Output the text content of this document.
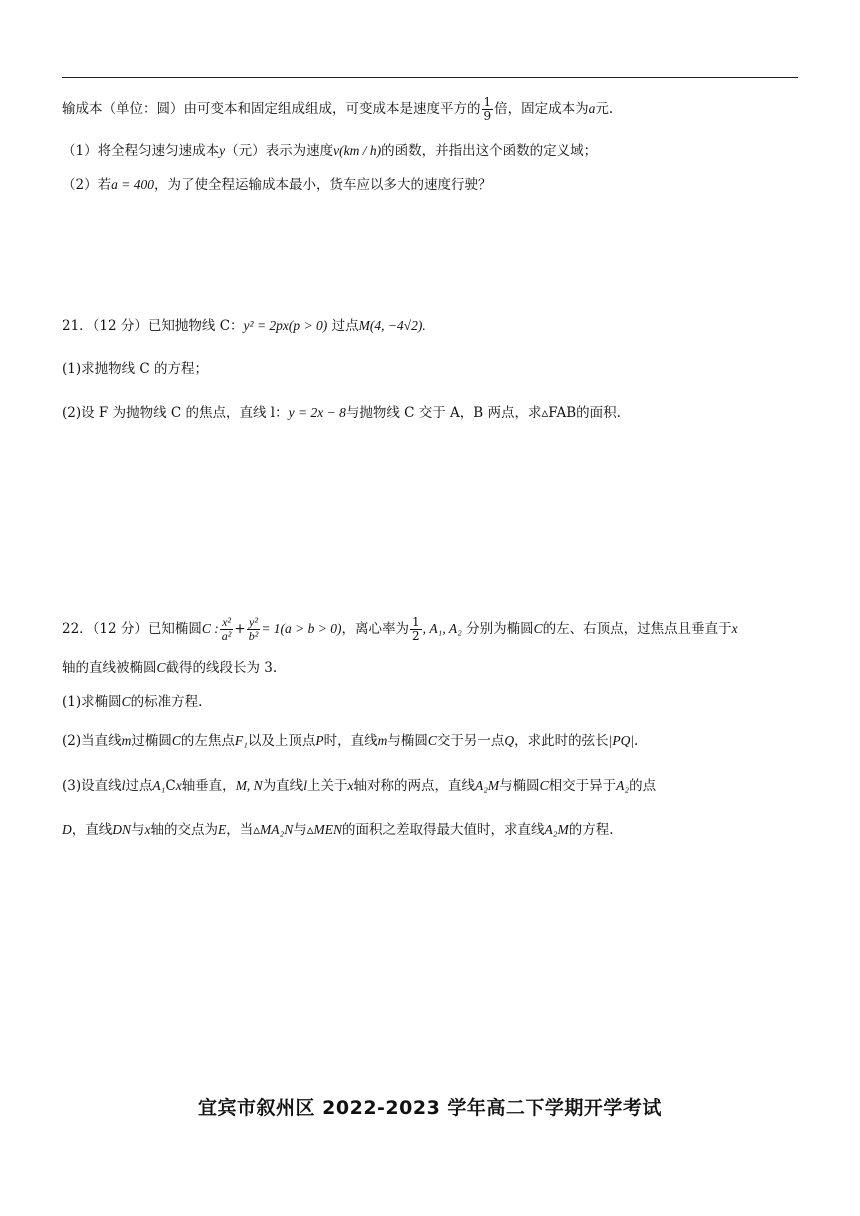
输成本（单位：圆）由可变本和固定组成组成，可变成本是速度平方的 $\frac{1}{9}$ 倍，固定成本为a元.
（1）将全程匀速匀速成本y（元）表示为速度v(km / h)的函数，并指出这个函数的定义域；
（2）若a = 400，为了使全程运输成本最小，货车应以多大的速度行驶？
21．（12 分）已知抛物线 C：y² = 2px(p > 0) 过点M(4, −4√2).
(1)求抛物线 C 的方程；
(2)设 F 为抛物线 C 的焦点，直线 l：y = 2x − 8与抛物线 C 交于 A，B 两点，求▵FAB的面积.
22．（12 分）已知椭圆C : $\frac{\text{x²}}{\text{a²}} + \frac{\text{y²}}{\text{b²}} = 1(a > b > 0)$，离心率为 $\frac{1}{2}$ , A₁, A₂ 分别为椭圆C的左、右顶点，过焦点且垂直于x
轴的直线被椭圆C截得的线段长为 3.
(1)求椭圆C的标准方程.
(2)当直线m过椭圆C的左焦点F₁以及上顶点P时，直线m与椭圆C交于另一点Q，求此时的弦长|PQ|.
(3)设直线l过点A₁Cx轴垂直，M, N为直线l上关于x轴对称的两点，直线A₂M与椭圆C相交于异于A₂的点
D，直线DN与x轴的交点为E，当▵MA₂N与▵MEN的面积之差取得最大值时，求直线A₂M的方程.
宜宾市叙州区 2022-2023 学年高二下学期开学考试
